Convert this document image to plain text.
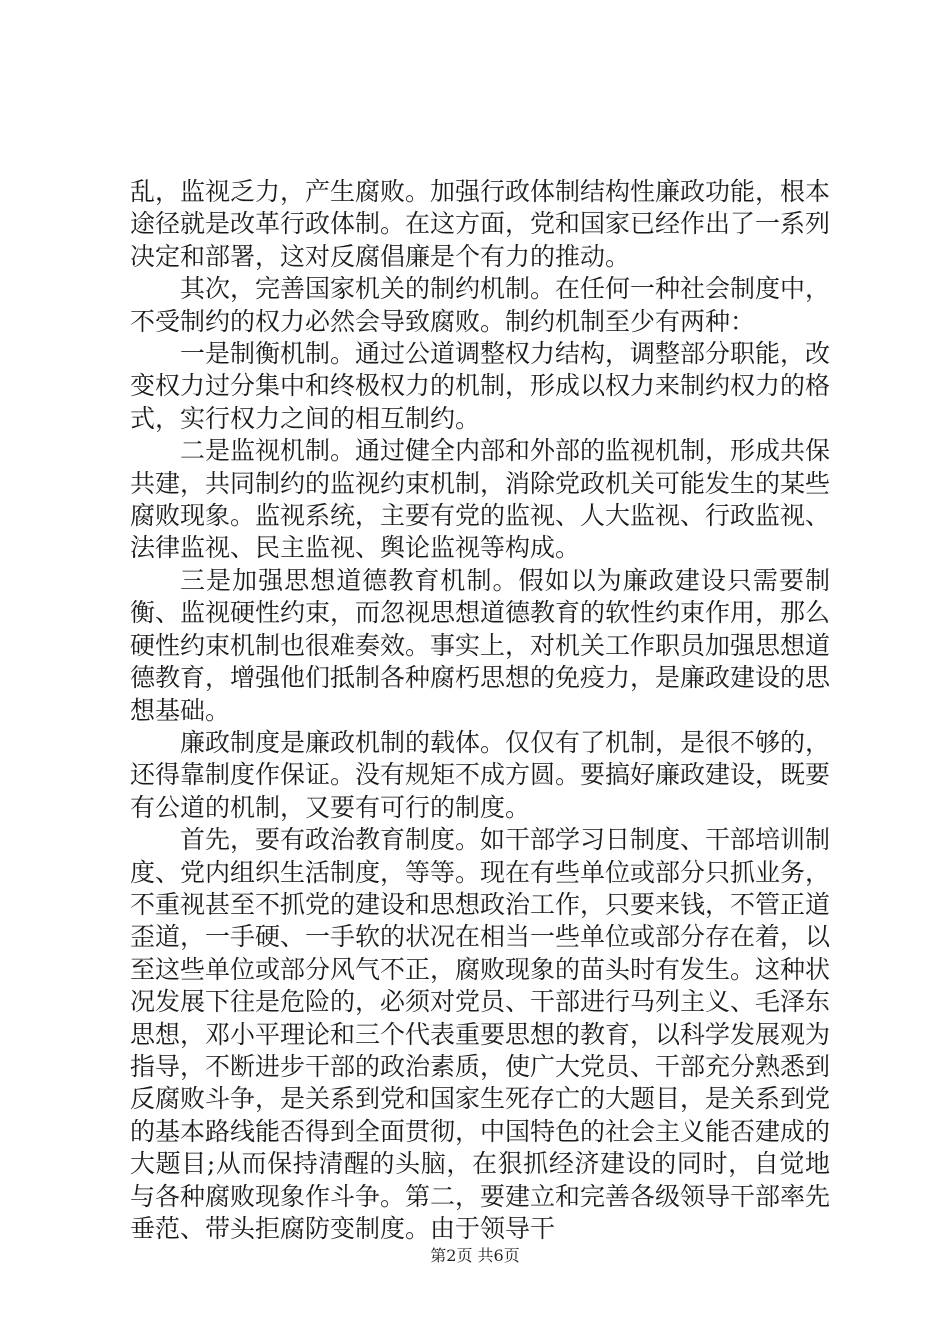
乱，监视乏力，产生腐败。加强行政体制结构性廉政功能，根本途径就是改革行政体制。在这方面，党和国家已经作出了一系列决定和部署，这对反腐倡廉是个有力的推动。

其次，完善国家机关的制约机制。在任何一种社会制度中，不受制约的权力必然会导致腐败。制约机制至少有两种：

一是制衡机制。通过公道调整权力结构，调整部分职能，改变权力过分集中和终极权力的机制，形成以权力来制约权力的格式，实行权力之间的相互制约。

二是监视机制。通过健全内部和外部的监视机制，形成共保共建，共同制约的监视约束机制，消除党政机关可能发生的某些腐败现象。监视系统，主要有党的监视、人大监视、行政监视、法律监视、民主监视、舆论监视等构成。

三是加强思想道德教育机制。假如以为廉政建设只需要制衡、监视硬性约束，而忽视思想道德教育的软性约束作用，那么硬性约束机制也很难奏效。事实上，对机关工作职员加强思想道德教育，增强他们抵制各种腐朽思想的免疫力，是廉政建设的思想基础。

廉政制度是廉政机制的载体。仅仅有了机制，是很不够的，还得靠制度作保证。没有规矩不成方圆。要搞好廉政建设，既要有公道的机制，又要有可行的制度。

首先，要有政治教育制度。如干部学习日制度、干部培训制度、党内组织生活制度，等等。现在有些单位或部分只抓业务，不重视甚至不抓党的建设和思想政治工作，只要来钱，不管正道歪道，一手硬、一手软的状况在相当一些单位或部分存在着，以至这些单位或部分风气不正，腐败现象的苗头时有发生。这种状况发展下往是危险的，必须对党员、干部进行马列主义、毛泽东思想，邓小平理论和三个代表重要思想的教育，以科学发展观为指导，不断进步干部的政治素质，使广大党员、干部充分熟悉到反腐败斗争，是关系到党和国家生死存亡的大题目，是关系到党的基本路线能否得到全面贯彻，中国特色的社会主义能否建成的大题目;从而保持清醒的头脑，在狠抓经济建设的同时，自觉地与各种腐败现象作斗争。第二，要建立和完善各级领导干部率先垂范、带头拒腐防变制度。由于领导干

第2页 共6页
